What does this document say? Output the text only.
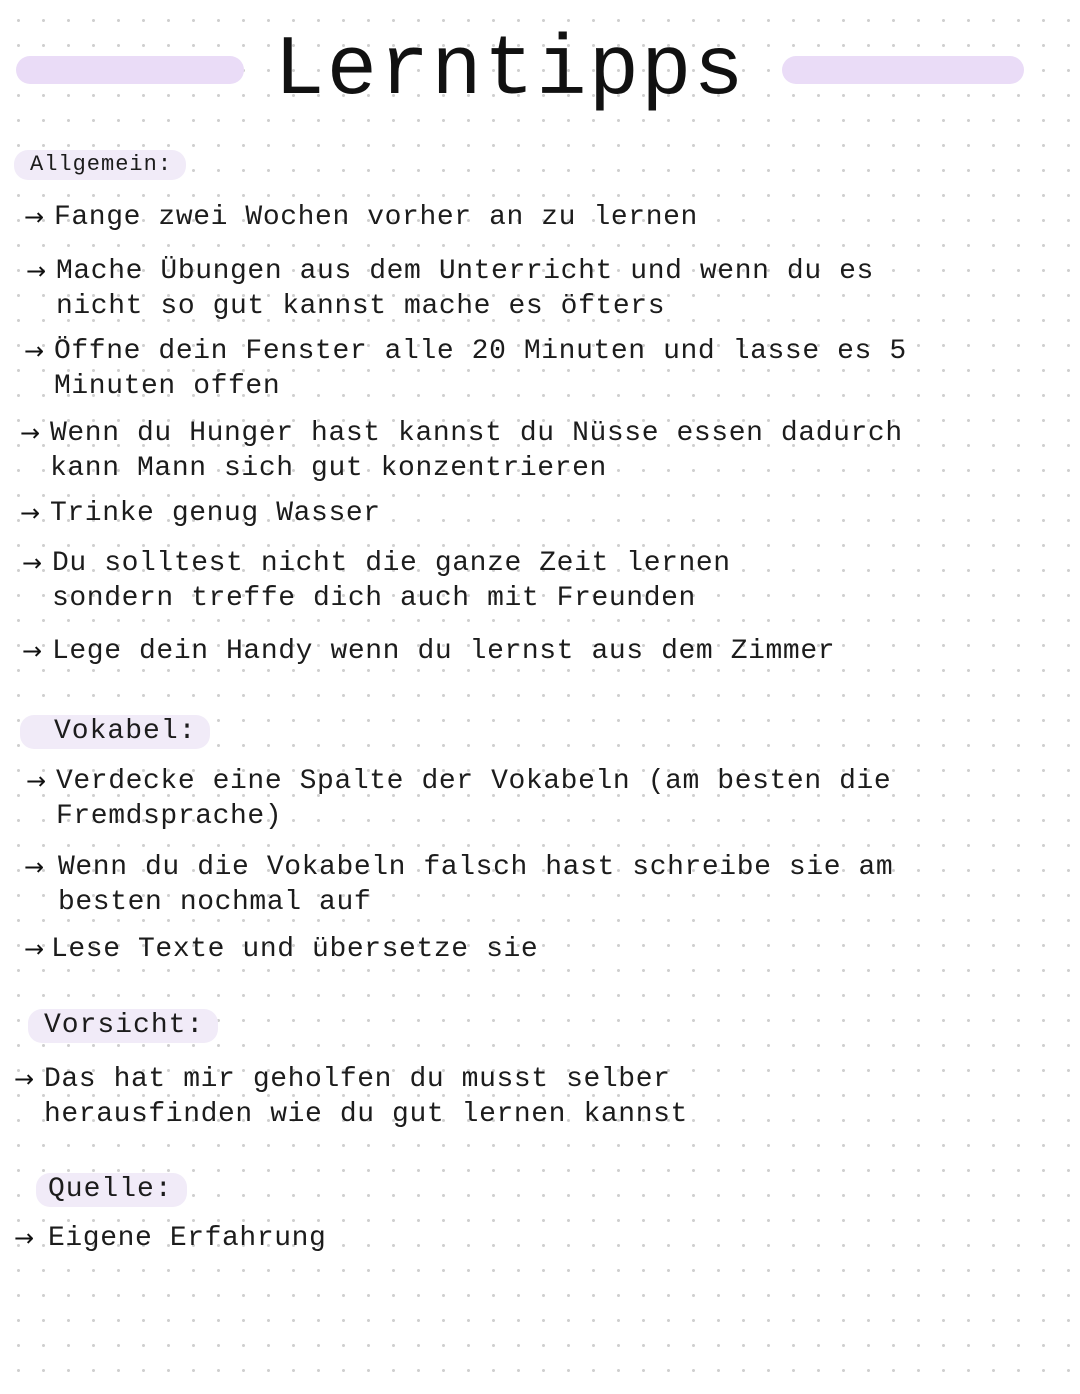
Lerntipps
Allgemein:
→ Fange zwei Wochen vorher an zu lernen
→ Mache Übungen aus dem Unterricht und wenn du es
nicht so gut kannst mache es öfters
→ Öffne dein Fenster alle 20 Minuten und lasse es 5
Minuten offen
→ Wenn du Hunger hast kannst du Nüsse essen dadurch
kann Mann sich gut konzentrieren
→ Trinke genug Wasser
→ Du solltest nicht die ganze Zeit lernen
sondern treffe dich auch mit Freunden
→ Lege dein Handy wenn du lernst aus dem Zimmer
Vokabel:
→ Verdecke eine Spalte der Vokabeln (am besten die
Fremdsprache)
→ Wenn du die Vokabeln falsch hast schreibe sie am
besten nochmal auf
→ Lese Texte und übersetze sie
Vorsicht:
→ Das hat mir geholfen du musst selber
herausfinden wie du gut lernen kannst
Quelle:
→ Eigene Erfahrung
